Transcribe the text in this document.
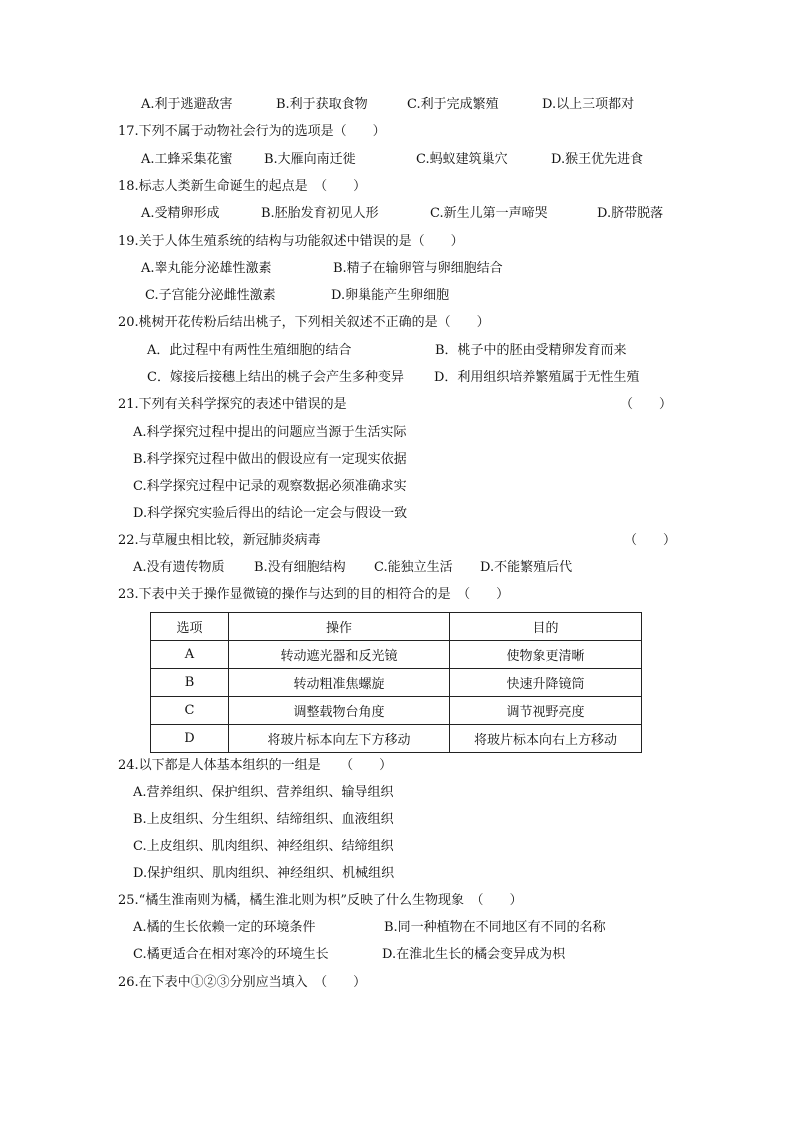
A.利于逃避敌害	B.利于获取食物	C.利于完成繁殖	D.以上三项都对
17.下列不属于动物社会行为的选项是（　　）
A.工蜂采集花蜜 B.大雁向南迁徙	C.蚂蚁建筑巢穴	D.猴王优先进食
18.标志人类新生命诞生的起点是　（　　）
A.受精卵形成	B.胚胎发育初见人形	C.新生儿第一声啼哭	D.脐带脱落
19.关于人体生殖系统的结构与功能叙述中错误的是（　　）
A.睾丸能分泌雄性激素	B.精子在输卵管与卵细胞结合
C.子宫能分泌雌性激素	D.卵巢能产生卵细胞
20.桃树开花传粉后结出桃子，下列相关叙述不正确的是（　　）
A．此过程中有两性生殖细胞的结合	B．桃子中的胚由受精卵发育而来
C．嫁接后接穗上结出的桃子会产生多种变异 D．利用组织培养繁殖属于无性生殖
21.下列有关科学探究的表述中错误的是	（　　）
A.科学探究过程中提出的问题应当源于生活实际
B.科学探究过程中做出的假设应有一定现实依据
C.科学探究过程中记录的观察数据必须准确求实
D.科学探究实验后得出的结论一定会与假设一致
22.与草履虫相比较，新冠肺炎病毒	（　　）
A.没有遗传物质 B.没有细胞结构 C.能独立生活 D.不能繁殖后代
23.下表中关于操作显微镜的操作与达到的目的相符合的是　（　　）
选项	操作	目的
A	转动遮光器和反光镜	使物象更清晰
B	转动粗准焦螺旋	快速升降镜筒
C	调整载物台角度	调节视野亮度
D	将玻片标本向左下方移动	将玻片标本向右上方移动
24.以下都是人体基本组织的一组是　　（　　）
A.营养组织、保护组织、营养组织、输导组织
B.上皮组织、分生组织、结缔组织、血液组织
C.上皮组织、肌肉组织、神经组织、结缔组织
D.保护组织、肌肉组织、神经组织、机械组织
25.“橘生淮南则为橘，橘生淮北则为枳”反映了什么生物现象　（　　）
A.橘的生长依赖一定的环境条件	B.同一种植物在不同地区有不同的名称
C.橘更适合在相对寒冷的环境生长	D.在淮北生长的橘会变异成为枳
26.在下表中①②③分别应当填入　（　　）
